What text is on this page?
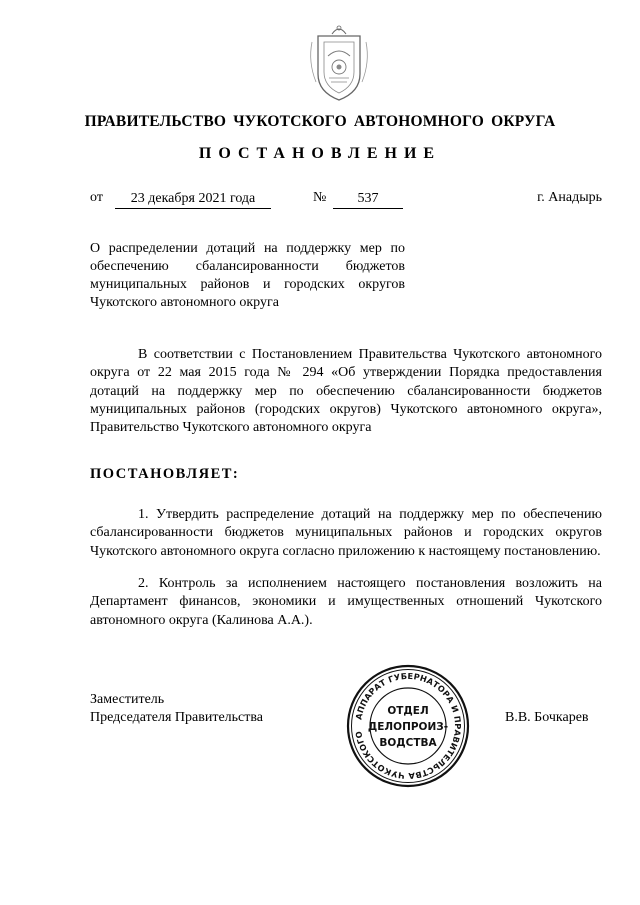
ПРАВИТЕЛЬСТВО ЧУКОТСКОГО АВТОНОМНОГО ОКРУГА
ПОСТАНОВЛЕНИЕ
от	23 декабря 2021 года	№	537	г. Анадырь
О распределении дотаций на поддержку мер по обеспечению сбалансированности бюджетов муниципальных районов и городских округов Чукотского автономного округа
В соответствии с Постановлением Правительства Чукотского автономного округа от 22 мая 2015 года № 294 «Об утверждении Порядка предоставления дотаций на поддержку мер по обеспечению сбалансированности бюджетов муниципальных районов (городских округов) Чукотского автономного округа», Правительство Чукотского автономного округа
ПОСТАНОВЛЯЕТ:
1. Утвердить распределение дотаций на поддержку мер по обеспечению сбалансированности бюджетов муниципальных районов и городских округов Чукотского автономного округа согласно приложению к настоящему постановлению.
2. Контроль за исполнением настоящего постановления возложить на Департамент финансов, экономики и имущественных отношений Чукотского автономного округа (Калинова А.А.).
Заместитель
Председателя Правительства	В.В. Бочкарев
АППАРАТ ГУБЕРНАТОРА И ПРАВИТЕЛЬСТВА ЧУКОТСКОГО
ОТДЕЛ
ДЕЛОПРОИЗ-
ВОДСТВА
